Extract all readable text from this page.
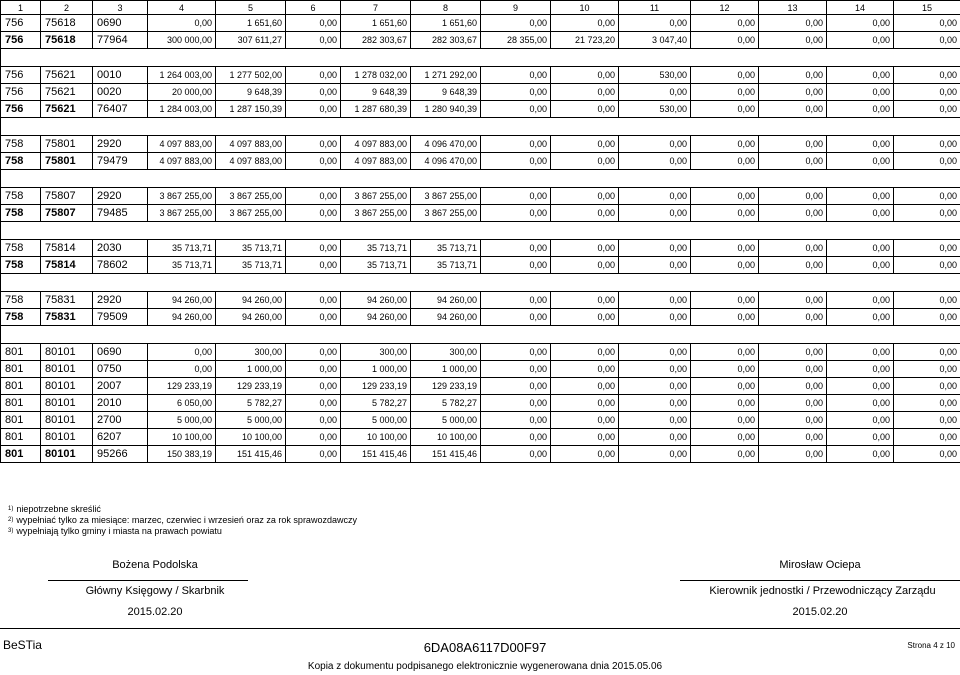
1	2	3	4	5	6	7	8	9	10	11	12	13	14	15
756	75618	0690	0,00	1 651,60	0,00	1 651,60	1 651,60	0,00	0,00	0,00	0,00	0,00	0,00	0,00
756	75618	77964	300 000,00	307 611,27	0,00	282 303,67	282 303,67	28 355,00	21 723,20	3 047,40	0,00	0,00	0,00	0,00

756	75621	0010	1 264 003,00	1 277 502,00	0,00	1 278 032,00	1 271 292,00	0,00	0,00	530,00	0,00	0,00	0,00	0,00
756	75621	0020	20 000,00	9 648,39	0,00	9 648,39	9 648,39	0,00	0,00	0,00	0,00	0,00	0,00	0,00
756	75621	76407	1 284 003,00	1 287 150,39	0,00	1 287 680,39	1 280 940,39	0,00	0,00	530,00	0,00	0,00	0,00	0,00

758	75801	2920	4 097 883,00	4 097 883,00	0,00	4 097 883,00	4 096 470,00	0,00	0,00	0,00	0,00	0,00	0,00	0,00
758	75801	79479	4 097 883,00	4 097 883,00	0,00	4 097 883,00	4 096 470,00	0,00	0,00	0,00	0,00	0,00	0,00	0,00

758	75807	2920	3 867 255,00	3 867 255,00	0,00	3 867 255,00	3 867 255,00	0,00	0,00	0,00	0,00	0,00	0,00	0,00
758	75807	79485	3 867 255,00	3 867 255,00	0,00	3 867 255,00	3 867 255,00	0,00	0,00	0,00	0,00	0,00	0,00	0,00

758	75814	2030	35 713,71	35 713,71	0,00	35 713,71	35 713,71	0,00	0,00	0,00	0,00	0,00	0,00	0,00
758	75814	78602	35 713,71	35 713,71	0,00	35 713,71	35 713,71	0,00	0,00	0,00	0,00	0,00	0,00	0,00

758	75831	2920	94 260,00	94 260,00	0,00	94 260,00	94 260,00	0,00	0,00	0,00	0,00	0,00	0,00	0,00
758	75831	79509	94 260,00	94 260,00	0,00	94 260,00	94 260,00	0,00	0,00	0,00	0,00	0,00	0,00	0,00

801	80101	0690	0,00	300,00	0,00	300,00	300,00	0,00	0,00	0,00	0,00	0,00	0,00	0,00
801	80101	0750	0,00	1 000,00	0,00	1 000,00	1 000,00	0,00	0,00	0,00	0,00	0,00	0,00	0,00
801	80101	2007	129 233,19	129 233,19	0,00	129 233,19	129 233,19	0,00	0,00	0,00	0,00	0,00	0,00	0,00
801	80101	2010	6 050,00	5 782,27	0,00	5 782,27	5 782,27	0,00	0,00	0,00	0,00	0,00	0,00	0,00
801	80101	2700	5 000,00	5 000,00	0,00	5 000,00	5 000,00	0,00	0,00	0,00	0,00	0,00	0,00	0,00
801	80101	6207	10 100,00	10 100,00	0,00	10 100,00	10 100,00	0,00	0,00	0,00	0,00	0,00	0,00	0,00
801	80101	95266	150 383,19	151 415,46	0,00	151 415,46	151 415,46	0,00	0,00	0,00	0,00	0,00	0,00	0,00
$^{1)}$ niepotrzebne skreślić
$^{2)}$ wypełniać tylko za miesiące: marzec, czerwiec i wrzesień oraz za rok sprawozdawczy
$^{3)}$ wypełniają tylko gminy i miasta na prawach powiatu
Bożena Podolska
Główny Księgowy / Skarbnik
2015.02.20
Mirosław Ociepa
Kierownik jednostki / Przewodniczący Zarządu
2015.02.20
BeSTia	6DA08A6117D00F97	Strona 4 z 10
Kopia z dokumentu podpisanego elektronicznie wygenerowana dnia 2015.05.06
